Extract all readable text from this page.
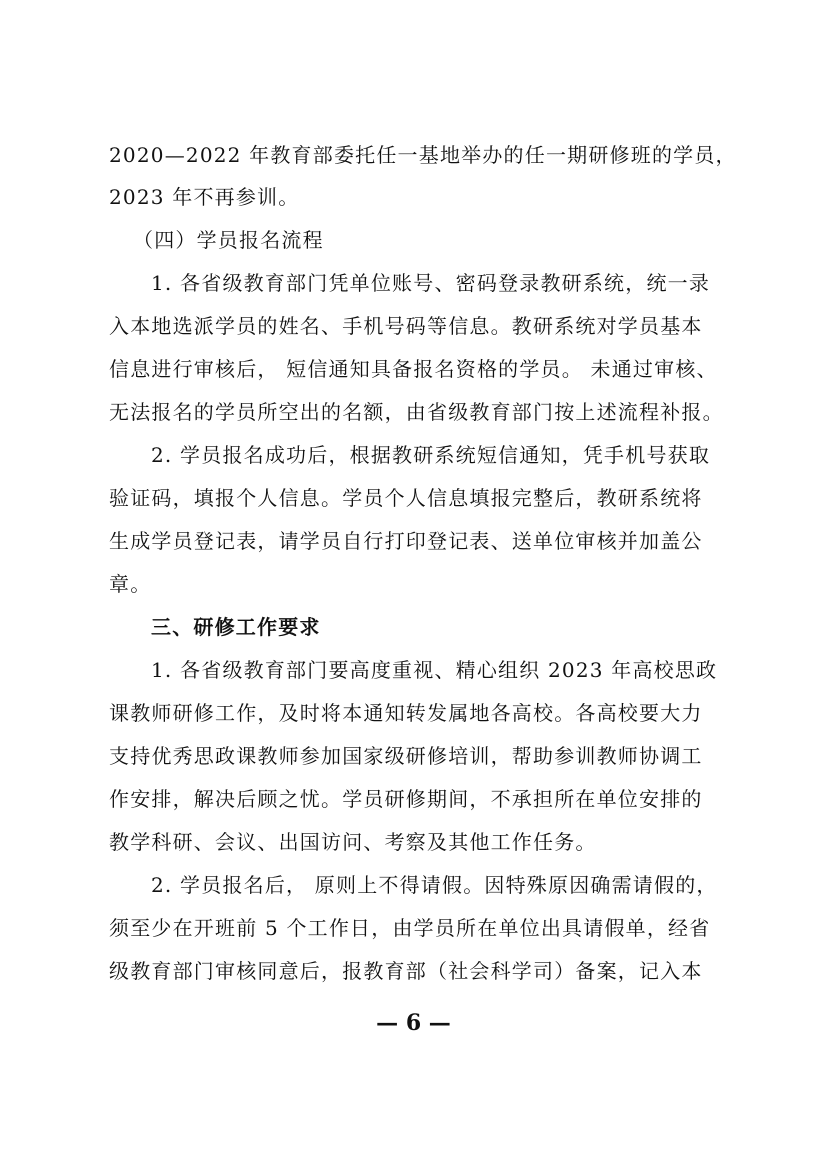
2020—2022 年教育部委托任一基地举办的任一期研修班的学员，
2023 年不再参训。
（四）学员报名流程
1. 各省级教育部门凭单位账号、密码登录教研系统，统一录
入本地选派学员的姓名、手机号码等信息。教研系统对学员基本
信息进行审核后， 短信通知具备报名资格的学员。 未通过审核、
无法报名的学员所空出的名额，由省级教育部门按上述流程补报。
2. 学员报名成功后，根据教研系统短信通知，凭手机号获取
验证码，填报个人信息。学员个人信息填报完整后，教研系统将
生成学员登记表，请学员自行打印登记表、送单位审核并加盖公
章。
三、研修工作要求
1. 各省级教育部门要高度重视、精心组织 2023 年高校思政
课教师研修工作，及时将本通知转发属地各高校。各高校要大力
支持优秀思政课教师参加国家级研修培训，帮助参训教师协调工
作安排，解决后顾之忧。学员研修期间，不承担所在单位安排的
教学科研、会议、出国访问、考察及其他工作任务。
2. 学员报名后， 原则上不得请假。因特殊原因确需请假的，
须至少在开班前 5 个工作日，由学员所在单位出具请假单，经省
级教育部门审核同意后，报教育部（社会科学司）备案，记入本
— 6 —
